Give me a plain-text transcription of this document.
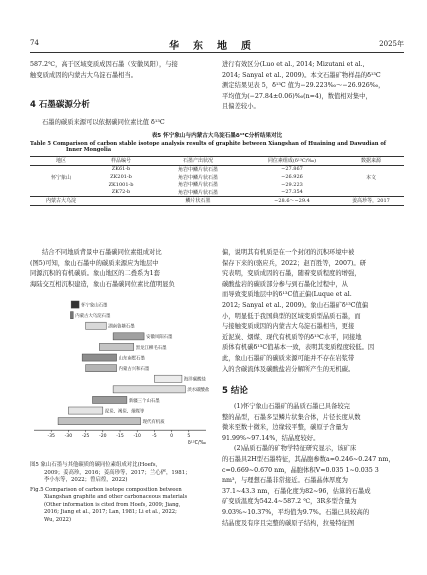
74	华东地质	2025年

587.2℃，高于区域变质成因石墨（安徽凤阳），与接

触变质成因的内蒙古大乌淀石墨相当。

4 石墨碳源分析

石墨的碳质来源可以依据碳同位素比值 δ¹³C

进行有效区分(Luo et al., 2014; Mizutani et al.,

2014; Sanyal et al., 2009)。本文石墨矿物样品的δ¹³C

测定结果见表 5，δ¹³C 值为−29.223‰～−26.926‰，

平均值为(−27.84±0.06)‰(n=4)，数值相对集中，

且偏差较小。

表5 怀宁象山与内蒙古大乌淀石墨δ¹³C分析结果对比
Table 5 Comparison of carbon stable isotope analysis results of graphite between Xiangshan of Huaining and Dawudian of
Inner Mongolia
地区	样品编号	石墨产出状况	同位素组成(δ¹³C/‰)	数据来源
	ZK61-b	角岩中鳞片状石墨	−27.867	
怀宁象山	ZK201-b	角岩中鳞片状石墨	−26.926	本文
	ZK1001-b	角岩中鳞片状石墨	−29.223	
	ZK72-b	角岩中鳞片状石墨	−27.354	
内蒙古大乌淀		鳞片状石墨	−28.6～−29.4	姜高珍等，2017

结合不同地质背景中石墨碳同位素组成对比

(图5)可知，象山石墨中的碳质来源应为地层中

同源沉积的有机碳质。象山地区的二叠系为1套

海陆交互相沉积建造，象山石墨碳同位素比值明显负

怀宁象山石墨
内蒙古大乌淀石墨
湖南鲁塘石墨
安徽凤阳石墨
黑龙江柳毛石墨
山东南墅石墨
内蒙古兴和石墨
海洋碳酸盐
淡水碳酸盐
新疆三个山石墨
泥炭、褐炭、烟煤等
现代有机质
-35 -30 -25 -20 -15 -10 -5	0	5
δ¹³C/‰
图5 象山石墨与其他碳质的碳同位素组成对比(Hoefs,
2009；姜高珍，2016；姜高珍等，2017；兰心俨，1981；
李小东等，2022；曾启煌，2022)
Fig.5 Comparison of carbon isotope composition between
Xiangshan graphite and other carbonaceous materials
(Other information is cited from Hoefs, 2009; Jiang,
2016; Jiang et al., 2017; Lan, 1981; Li et al., 2022;
Wu, 2022)

偏，说明其有机质是在一个封闭的沉积环境中被

保存下来的(骆应兵，2022；赵百胜等，2007)。研

究表明，变质成因的石墨，随着变质程度的增强，

碳酸盐岩的碳质部分参与到石墨化过程中，从

而导致变质地层中的δ¹³C值正偏(Luque et al.

2012; Sanyal et al., 2009)。象山石墨矿δ¹³C值偏

小，明显低于我国典型的区域变质型晶质石墨，而

与接触变质成因的内蒙古大乌淀石墨相当，更接

近泥炭、烟煤、现代有机质等的δ¹³C水平，同接地

质体有机碳δ¹³C值基本一致，表明其变质程度较低。因

此，象山石墨矿的碳质来源可能并不存在岩浆带

入的含碳流体及碳酸盐岩分解所产生的无机碳。

5 结论

(1)怀宁象山石墨矿的晶质石墨已具备较完

整的晶型，石墨多呈鳞片状集合体，片径长度从数

微米至数十微米，边缘较平整，碳原子含量为

91.99%~97.14%，结晶度较好。

(2)晶质石墨的矿物学特征研究显示，该矿床

的石墨具2H型石墨特征，其晶胞参数a=0.246~0.247 nm，

c=0.669~0.670 nm，晶胞体积V=0.035 1~0.035 3

nm³，与理想石墨非常接近。石墨晶体厚度为

37.1~43.3 nm，石墨化度为82~96，估算的石墨成

矿变质温度为542.4~587.2 ℃，3R多型含量为

9.03%~10.37%，平均值为9.7%。石墨已具较高的

结晶度及有序且完整的碳原子结构，拉曼特征图
